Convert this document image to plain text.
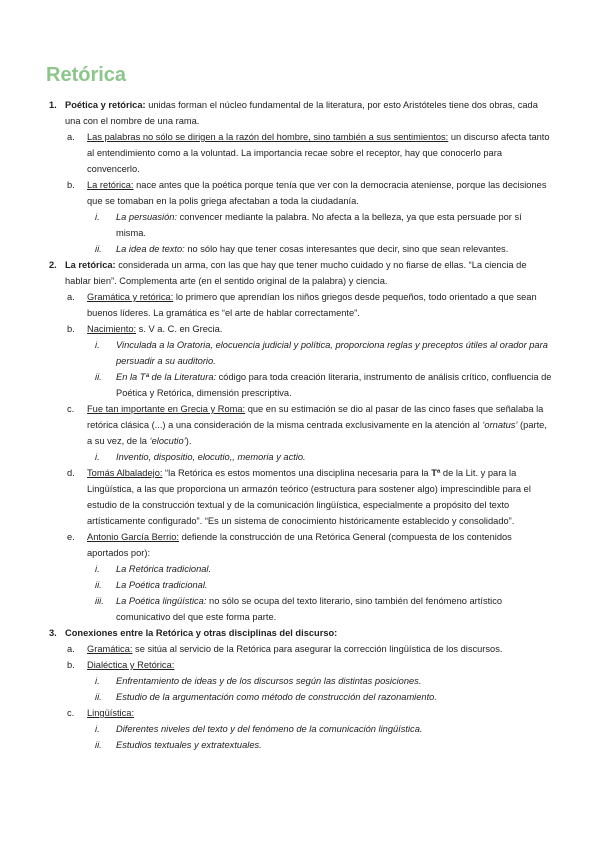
Retórica

1. Poética y retórica: unidas forman el núcleo fundamental de la literatura, por esto Aristóteles tiene dos obras, cada una con el nombre de una rama.

a. Las palabras no sólo se dirigen a la razón del hombre, sino también a sus sentimientos: un discurso afecta tanto al entendimiento como a la voluntad. La importancia recae sobre el receptor, hay que conocerlo para convencerlo.

b. La retórica: nace antes que la poética porque tenía que ver con la democracia ateniense, porque las decisiones que se tomaban en la polis griega afectaban a toda la ciudadanía.

i. La persuasión: convencer mediante la palabra. No afecta a la belleza, ya que esta persuade por sí misma.

ii. La idea de texto: no sólo hay que tener cosas interesantes que decir, sino que sean relevantes.

2. La retórica: considerada un arma, con las que hay que tener mucho cuidado y no fiarse de ellas. “La ciencia de hablar bien”. Complementa arte (en el sentido original de la palabra) y ciencia.

a. Gramática y retórica: lo primero que aprendían los niños griegos desde pequeños, todo orientado a que sean buenos líderes. La gramática es “el arte de hablar correctamente”.

b. Nacimiento: s. V a. C. en Grecia.

i. Vinculada a la Oratoria, elocuencia judicial y política, proporciona reglas y preceptos útiles al orador para persuadir a su auditorio.

ii. En la Tª de la Literatura: código para toda creación literaria, instrumento de análisis crítico, confluencia de Poética y Retórica, dimensión prescriptiva.

c. Fue tan importante en Grecia y Roma: que en su estimación se dio al pasar de las cinco fases que señalaba la retórica clásica (...) a una consideración de la misma centrada exclusivamente en la atención al ‘ornatus’ (parte, a su vez, de la ‘elocutio’).

i. Inventio, dispositio, elocutio,, memoria y actio.

d. Tomás Albaladejo: “la Retórica es estos momentos una disciplina necesaria para la Tª de la Lit. y para la Lingüística, a las que proporciona un armazón teórico (estructura para sostener algo) imprescindible para el estudio de la construcción textual y de la comunicación lingüística, especialmente a propósito del texto artísticamente configurado”. “Es un sistema de conocimiento históricamente establecido y consolidado”.

e. Antonio García Berrio: defiende la construcción de una Retórica General (compuesta de los contenidos aportados por):

i. La Retórica tradicional.

ii. La Poética tradicional.

iii. La Poética lingüística: no sólo se ocupa del texto literario, sino también del fenómeno artístico comunicativo del que este forma parte.

3. Conexiones entre la Retórica y otras disciplinas del discurso:

a. Gramática: se sitúa al servicio de la Retórica para asegurar la corrección lingüística de los discursos.

b. Dialéctica y Retórica:

i. Enfrentamiento de ideas y de los discursos según las distintas posiciones.

ii. Estudio de la argumentación como método de construcción del razonamiento.

c. Lingüística:

i. Diferentes niveles del texto y del fenómeno de la comunicación lingüística.

ii. Estudios textuales y extratextuales.
